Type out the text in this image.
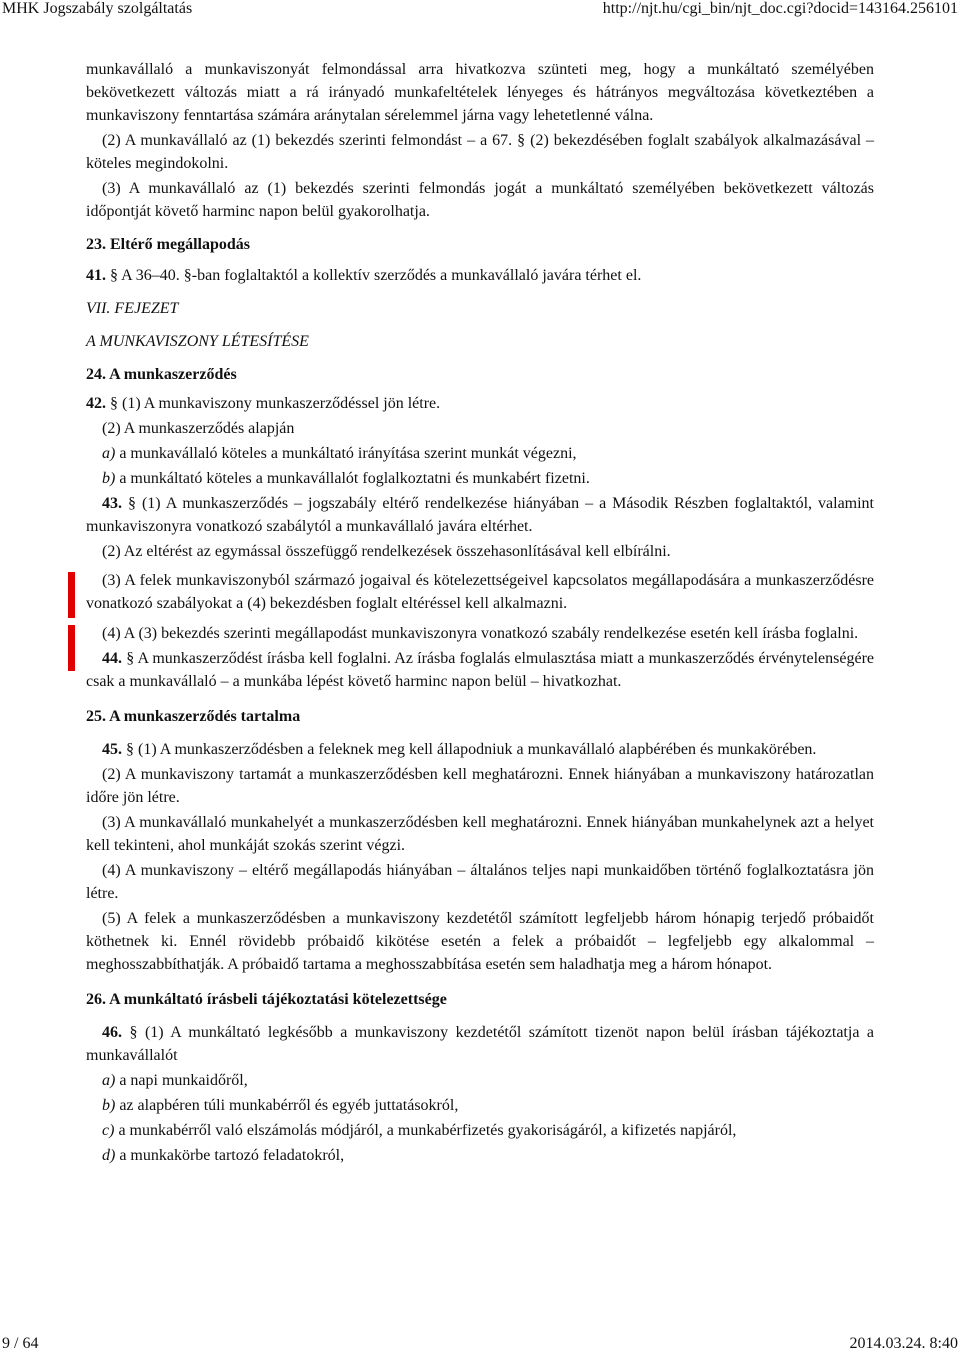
MHK Jogszabály szolgáltatás	http://njt.hu/cgi_bin/njt_doc.cgi?docid=143164.256101

munkavállaló a munkaviszonyát felmondással arra hivatkozva szünteti meg, hogy a munkáltató személyében bekövetkezett változás miatt a rá irányadó munkafeltételek lényeges és hátrányos megváltozása következtében a munkaviszony fenntartása számára aránytalan sérelemmel járna vagy lehetetlenné válna.

(2) A munkavállaló az (1) bekezdés szerinti felmondást – a 67. § (2) bekezdésében foglalt szabályok alkalmazásával – köteles megindokolni.

(3) A munkavállaló az (1) bekezdés szerinti felmondás jogát a munkáltató személyében bekövetkezett változás időpontját követő harminc napon belül gyakorolhatja.

23. Eltérő megállapodás

41. § A 36–40. §-ban foglaltaktól a kollektív szerződés a munkavállaló javára térhet el.

VII. FEJEZET

A MUNKAVISZONY LÉTESÍTÉSE

24. A munkaszerződés

42. § (1) A munkaviszony munkaszerződéssel jön létre.

(2) A munkaszerződés alapján

a) a munkavállaló köteles a munkáltató irányítása szerint munkát végezni,

b) a munkáltató köteles a munkavállalót foglalkoztatni és munkabért fizetni.

43. § (1) A munkaszerződés – jogszabály eltérő rendelkezése hiányában – a Második Részben foglaltaktól, valamint munkaviszonyra vonatkozó szabálytól a munkavállaló javára eltérhet.

(2) Az eltérést az egymással összefüggő rendelkezések összehasonlításával kell elbírálni.

(3) A felek munkaviszonyból származó jogaival és kötelezettségeivel kapcsolatos megállapodására a munkaszerződésre vonatkozó szabályokat a (4) bekezdésben foglalt eltéréssel kell alkalmazni.

(4) A (3) bekezdés szerinti megállapodást munkaviszonyra vonatkozó szabály rendelkezése esetén kell írásba foglalni.

44. § A munkaszerződést írásba kell foglalni. Az írásba foglalás elmulasztása miatt a munkaszerződés érvénytelenségére csak a munkavállaló – a munkába lépést követő harminc napon belül – hivatkozhat.

25. A munkaszerződés tartalma

45. § (1) A munkaszerződésben a feleknek meg kell állapodniuk a munkavállaló alapbérében és munkakörében.

(2) A munkaviszony tartamát a munkaszerződésben kell meghatározni. Ennek hiányában a munkaviszony határozatlan időre jön létre.

(3) A munkavállaló munkahelyét a munkaszerződésben kell meghatározni. Ennek hiányában munkahelynek azt a helyet kell tekinteni, ahol munkáját szokás szerint végzi.

(4) A munkaviszony – eltérő megállapodás hiányában – általános teljes napi munkaidőben történő foglalkoztatásra jön létre.

(5) A felek a munkaszerződésben a munkaviszony kezdetétől számított legfeljebb három hónapig terjedő próbaidőt köthetnek ki. Ennél rövidebb próbaidő kikötése esetén a felek a próbaidőt – legfeljebb egy alkalommal – meghosszabbíthatják. A próbaidő tartama a meghosszabbítása esetén sem haladhatja meg a három hónapot.

26. A munkáltató írásbeli tájékoztatási kötelezettsége

46. § (1) A munkáltató legkésőbb a munkaviszony kezdetétől számított tizenöt napon belül írásban tájékoztatja a munkavállalót

a) a napi munkaidőről,

b) az alapbéren túli munkabérről és egyéb juttatásokról,

c) a munkabérről való elszámolás módjáról, a munkabérfizetés gyakoriságáról, a kifizetés napjáról,

d) a munkakörbe tartozó feladatokról,

9 / 64	2014.03.24. 8:40
